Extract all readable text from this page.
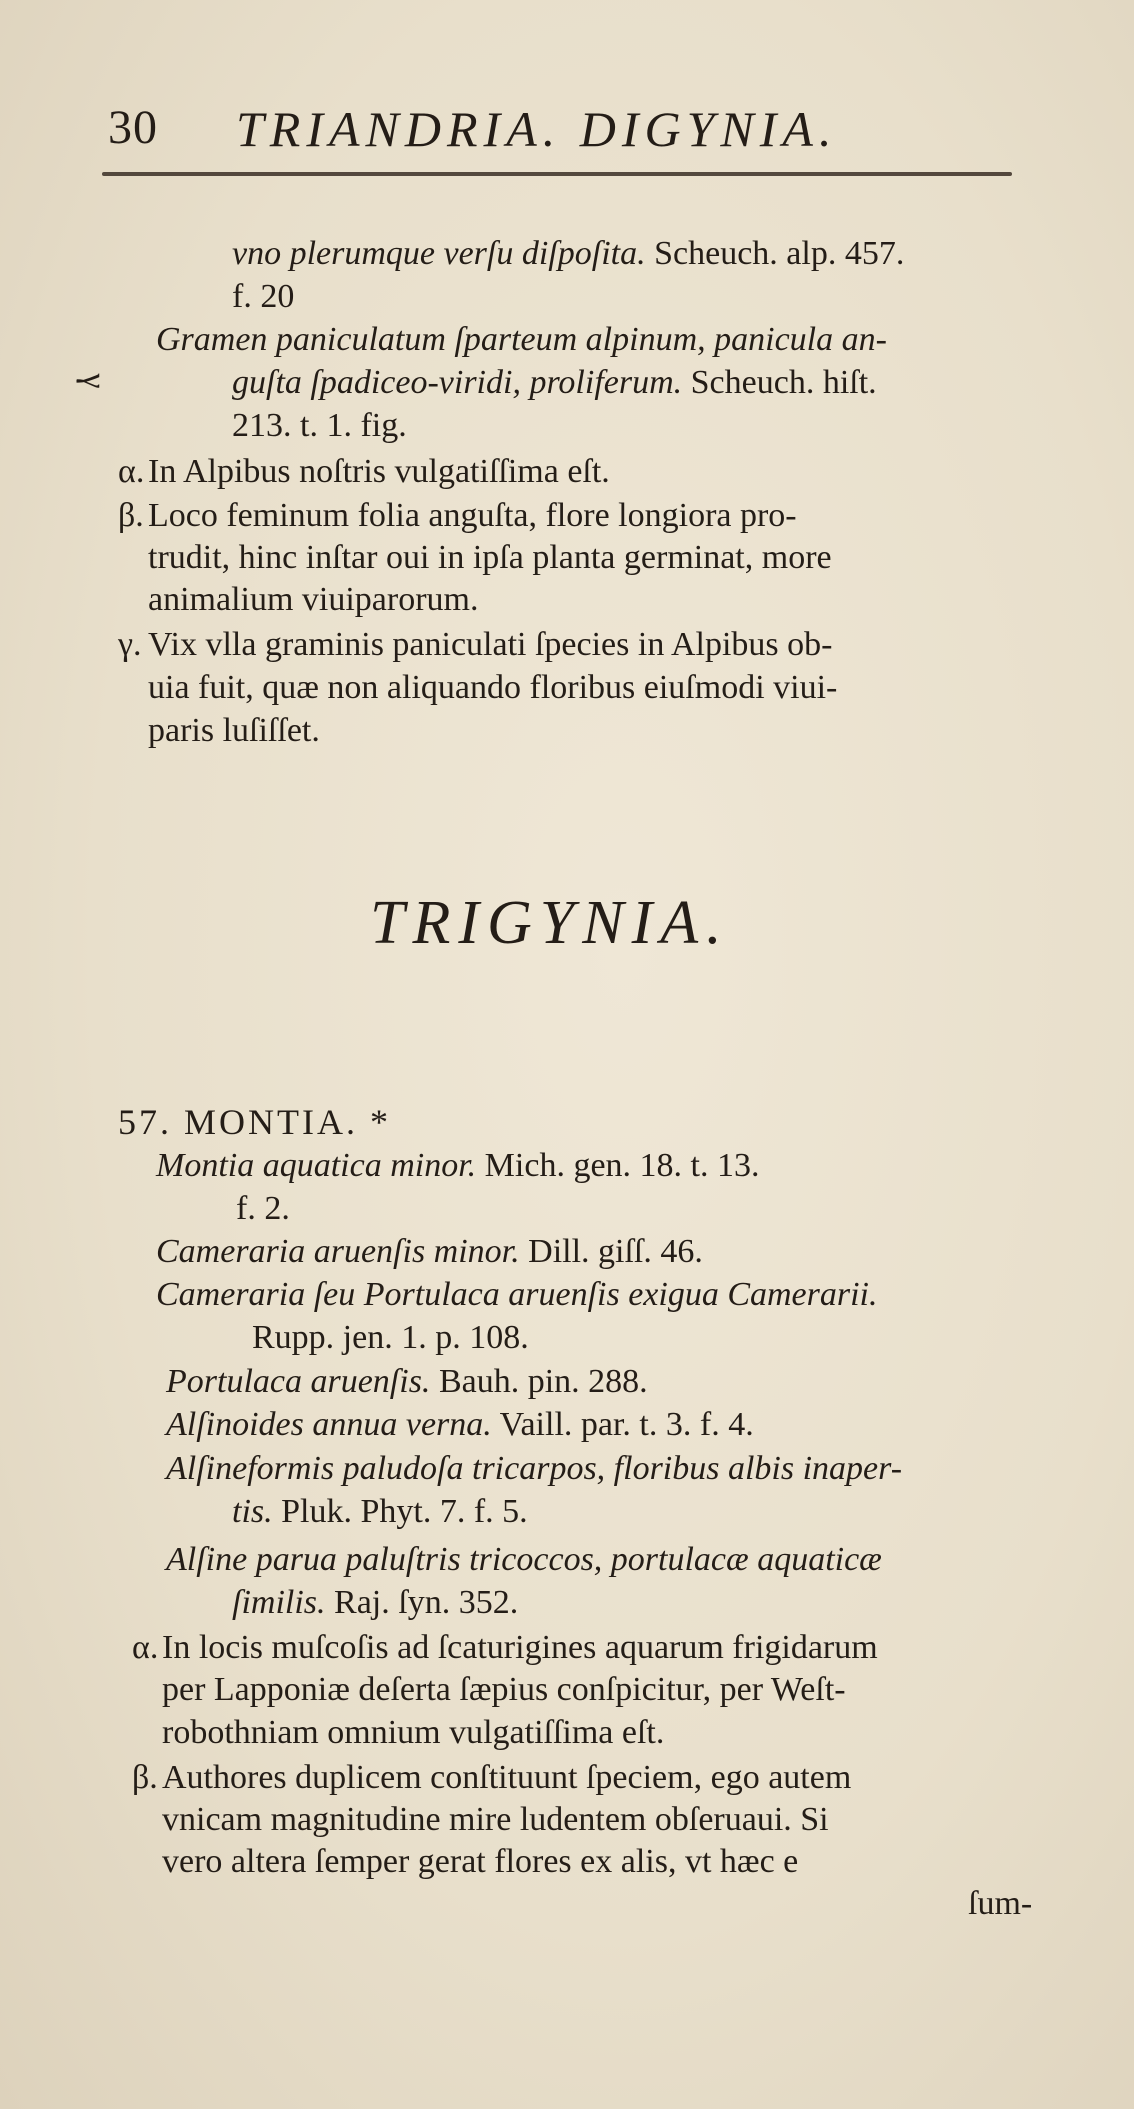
30 TRIANDRIA. DIGYNIA.
vno plerumque verſu diſpoſita. Scheuch. alp. 457.
f. 20
Gramen paniculatum ſparteum alpinum, panicula an-
guſta ſpadiceo-viridi, proliferum. Scheuch. hiſt.
213. t. 1. fig.
γ
α. In Alpibus noſtris vulgatiſſima eſt.
β. Loco feminum folia anguſta, flore longiora pro-
trudit, hinc inſtar oui in ipſa planta germinat, more
animalium viuiparorum.
γ. Vix vlla graminis paniculati ſpecies in Alpibus ob-
uia fuit, quæ non aliquando floribus eiuſmodi viui-
paris luſiſſet.
TRIGYNIA.
57. MONTIA. *
Montia aquatica minor. Mich. gen. 18. t. 13.
f. 2.
Cameraria aruenſis minor. Dill. giſſ. 46.
Cameraria ſeu Portulaca aruenſis exigua Camerarii.
Rupp. jen. 1. p. 108.
Portulaca aruenſis. Bauh. pin. 288.
Alſinoides annua verna. Vaill. par. t. 3. f. 4.
Alſineformis paludoſa tricarpos, floribus albis inaper-
tis. Pluk. Phyt. 7. f. 5.
Alſine parua paluſtris tricoccos, portulacæ aquaticæ
ſimilis. Raj. ſyn. 352.
α. In locis muſcoſis ad ſcaturigines aquarum frigidarum
per Lapponiæ deſerta ſæpius conſpicitur, per Weſt-
robothniam omnium vulgatiſſima eſt.
β. Authores duplicem conſtituunt ſpeciem, ego autem
vnicam magnitudine mire ludentem obſeruaui. Si
vero altera ſemper gerat flores ex alis, vt hæc e
ſum-
